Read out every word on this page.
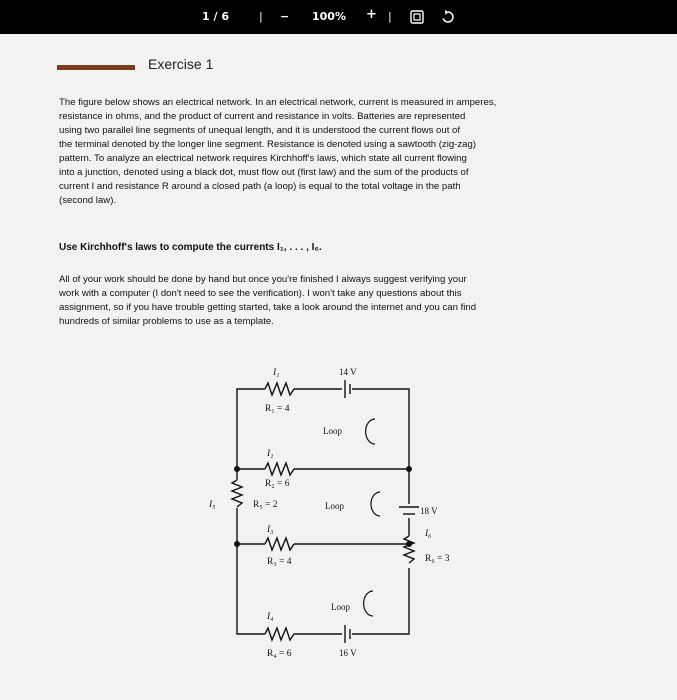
1 / 6	| − 100% + |
Exercise 1
The figure below shows an electrical network. In an electrical network, current is measured in amperes,
resistance in ohms, and the product of current and resistance in volts. Batteries are represented
using two parallel line segments of unequal length, and it is understood the current flows out of
the terminal denoted by the longer line segment. Resistance is denoted using a sawtooth (zig-zag)
pattern. To analyze an electrical network requires Kirchhoff's laws, which state all current flowing
into a junction, denoted using a black dot, must flow out (first law) and the sum of the products of
current I and resistance R around a closed path (a loop) is equal to the total voltage in the path
(second law).
Use Kirchhoff's laws to compute the currents I₁, . . . , I₆.
All of your work should be done by hand but once you're finished I always suggest verifying your
work with a computer (I don't need to see the verification). I won't take any questions about this
assignment, so if you have trouble getting started, take a look around the internet and you can find
hundreds of similar problems to use as a template.
I₁	14 V
R₁ = 4
Loop
I₂
R₂ = 6
18 V
I₅	R₅ = 2	Loop
I₆
R₆ = 3
I₃
R₃ = 4
I₄
Loop
R₄ = 6	16 V
